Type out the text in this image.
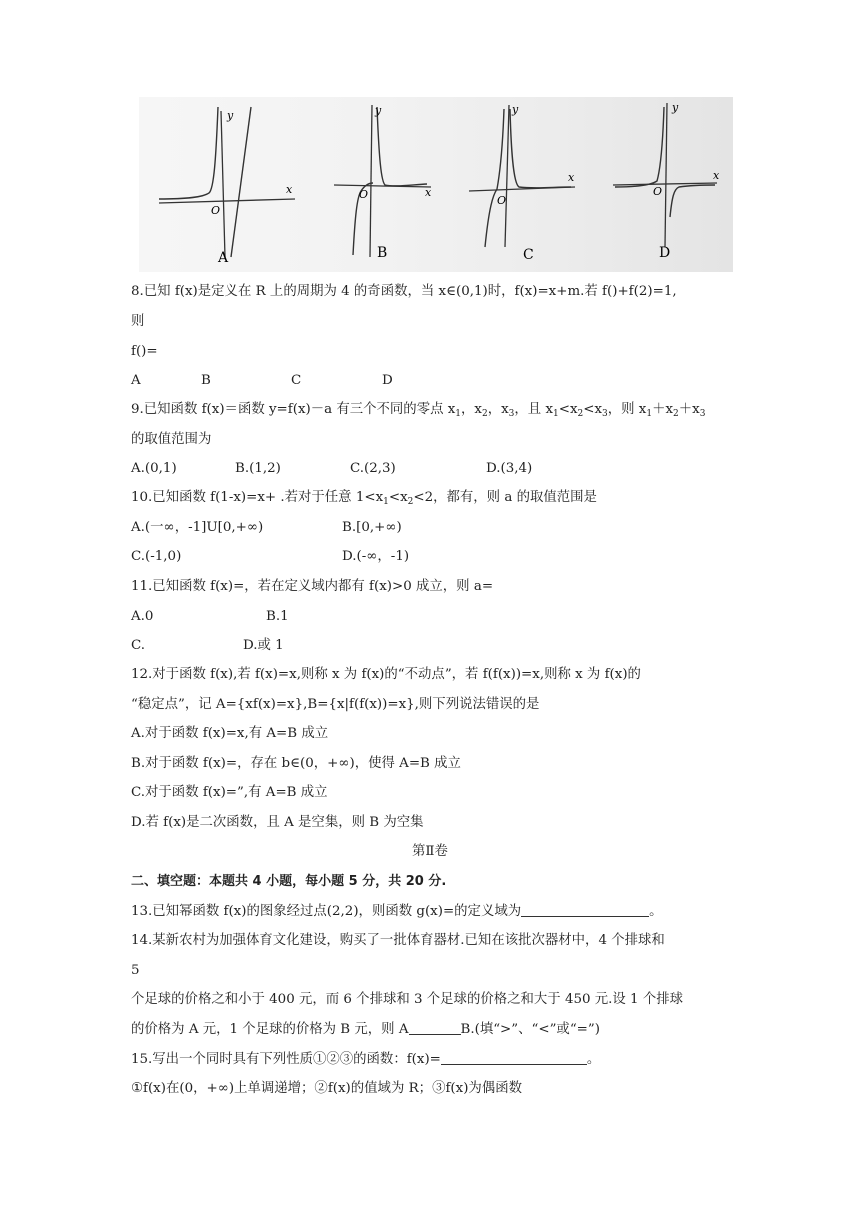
y
x
O
A
y
x
O
B
y
x
O
C
y
x
O
D
8.已知 f(x)是定义在 R 上的周期为 4 的奇函数，当 x∈(0,1)时，f(x)=x+m.若 f()+f(2)=1,
则
f()=
A	B	C	D
9.已知函数 f(x)＝函数 y=f(x)－a 有三个不同的零点 $x_1$，$x_2$，$x_3$，且 $x_1<x_2<x_3$，则 $x_1+x_2+x_3$
的取值范围为
A.(0,1)	B.(1,2)	C.(2,3)	D.(3,4)
10.已知函数 f(1-x)=x+ .若对于任意 $1<x_1<x_2<2$，都有，则 a 的取值范围是
A.(一∞，-1]U[0,+∞)	B.[0,+∞)
C.(-1,0)	D.(-∞，-1)
11.已知函数 f(x)=，若在定义域内都有 f(x)>0 成立，则 a=
A.0	B.1
C.	D.或 1
12.对于函数 f(x),若 f(x)=x,则称 x 为 f(x)的“不动点”，若 f(f(x))=x,则称 x 为 f(x)的
“稳定点”，记 A={xf(x)=x},B={x|f(f(x))=x},则下列说法错误的是
A.对于函数 f(x)=x,有 A=B 成立
B.对于函数 f(x)=，存在 b∈(0，+∞)，使得 A=B 成立
C.对于函数 f(x)=”,有 A=B 成立
D.若 f(x)是二次函数，且 A 是空集，则 B 为空集
第Ⅱ卷
二、填空题：本题共 4 小题，每小题 5 分，共 20 分.
13.已知幂函数 f(x)的图象经过点(2,2)，则函数 g(x)=的定义域为	。
14.某新农村为加强体育文化建设，购买了一批体育器材.已知在该批次器材中，4 个排球和
5
个足球的价格之和小于 400 元，而 6 个排球和 3 个足球的价格之和大于 450 元.设 1 个排球
的价格为 A 元，1 个足球的价格为 B 元，则 A	B.(填“>”、“<”或“=”)
15.写出一个同时具有下列性质①②③的函数：f(x)=	。
①f(x)在(0，+∞)上单调递增；②f(x)的值域为 R；③f(x)为偶函数
